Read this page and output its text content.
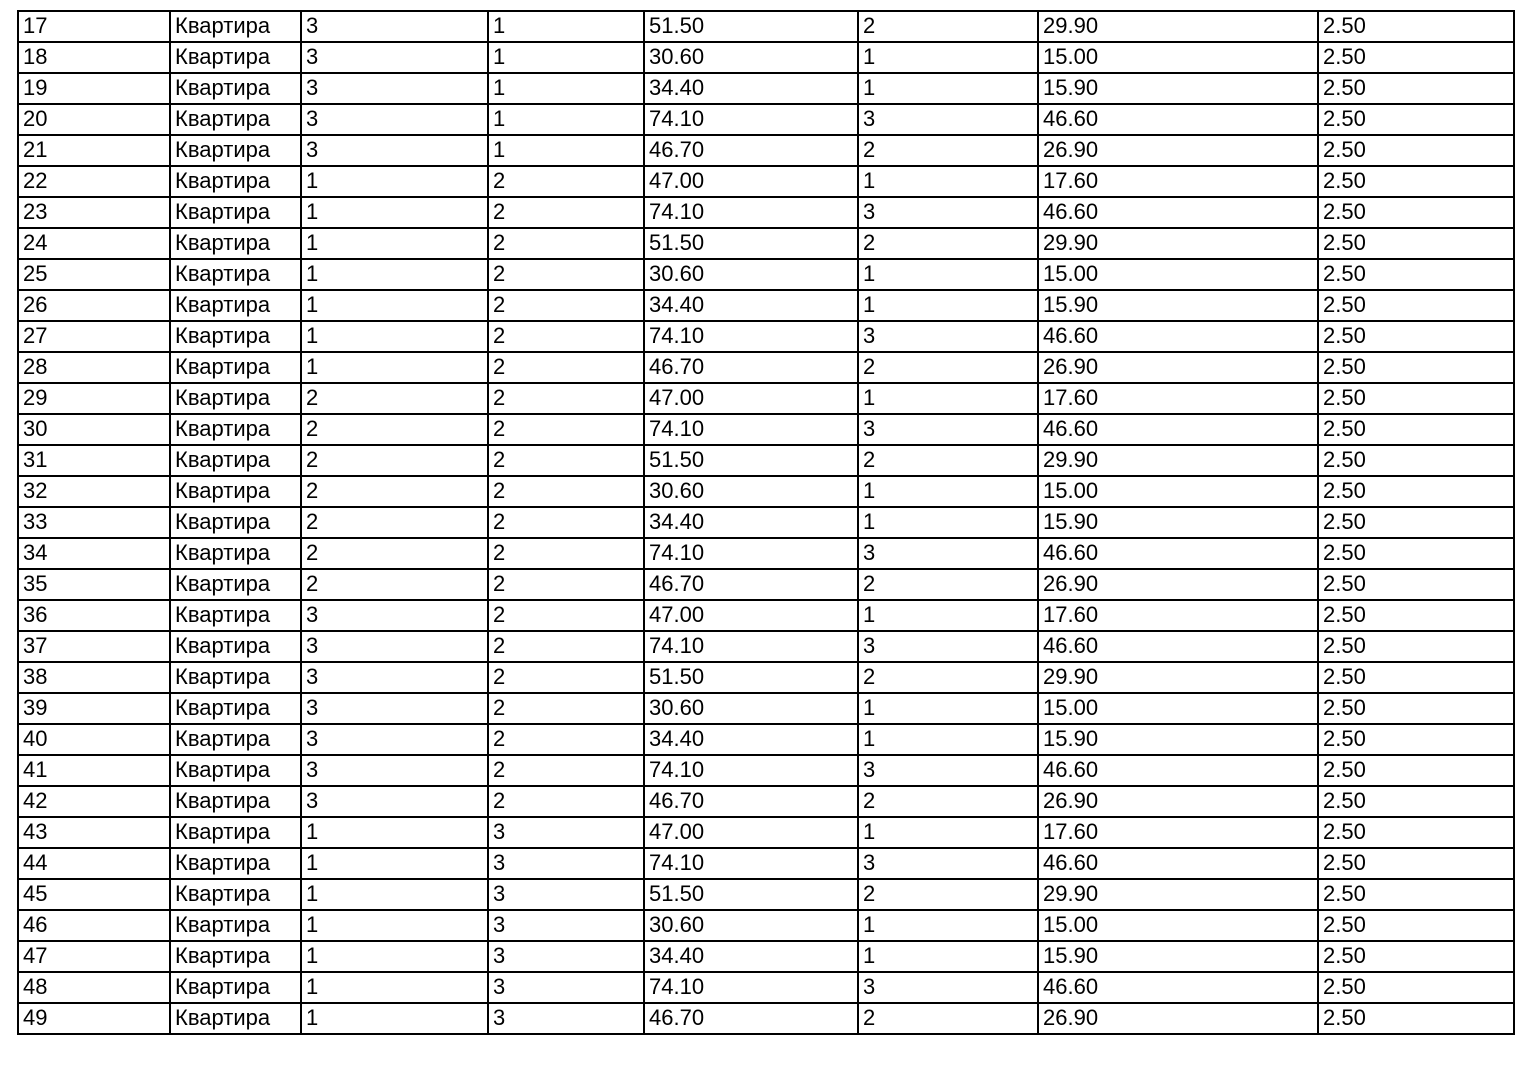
17	Квартира	3	1	51.50	2	29.90	2.50
18	Квартира	3	1	30.60	1	15.00	2.50
19	Квартира	3	1	34.40	1	15.90	2.50
20	Квартира	3	1	74.10	3	46.60	2.50
21	Квартира	3	1	46.70	2	26.90	2.50
22	Квартира	1	2	47.00	1	17.60	2.50
23	Квартира	1	2	74.10	3	46.60	2.50
24	Квартира	1	2	51.50	2	29.90	2.50
25	Квартира	1	2	30.60	1	15.00	2.50
26	Квартира	1	2	34.40	1	15.90	2.50
27	Квартира	1	2	74.10	3	46.60	2.50
28	Квартира	1	2	46.70	2	26.90	2.50
29	Квартира	2	2	47.00	1	17.60	2.50
30	Квартира	2	2	74.10	3	46.60	2.50
31	Квартира	2	2	51.50	2	29.90	2.50
32	Квартира	2	2	30.60	1	15.00	2.50
33	Квартира	2	2	34.40	1	15.90	2.50
34	Квартира	2	2	74.10	3	46.60	2.50
35	Квартира	2	2	46.70	2	26.90	2.50
36	Квартира	3	2	47.00	1	17.60	2.50
37	Квартира	3	2	74.10	3	46.60	2.50
38	Квартира	3	2	51.50	2	29.90	2.50
39	Квартира	3	2	30.60	1	15.00	2.50
40	Квартира	3	2	34.40	1	15.90	2.50
41	Квартира	3	2	74.10	3	46.60	2.50
42	Квартира	3	2	46.70	2	26.90	2.50
43	Квартира	1	3	47.00	1	17.60	2.50
44	Квартира	1	3	74.10	3	46.60	2.50
45	Квартира	1	3	51.50	2	29.90	2.50
46	Квартира	1	3	30.60	1	15.00	2.50
47	Квартира	1	3	34.40	1	15.90	2.50
48	Квартира	1	3	74.10	3	46.60	2.50
49	Квартира	1	3	46.70	2	26.90	2.50
